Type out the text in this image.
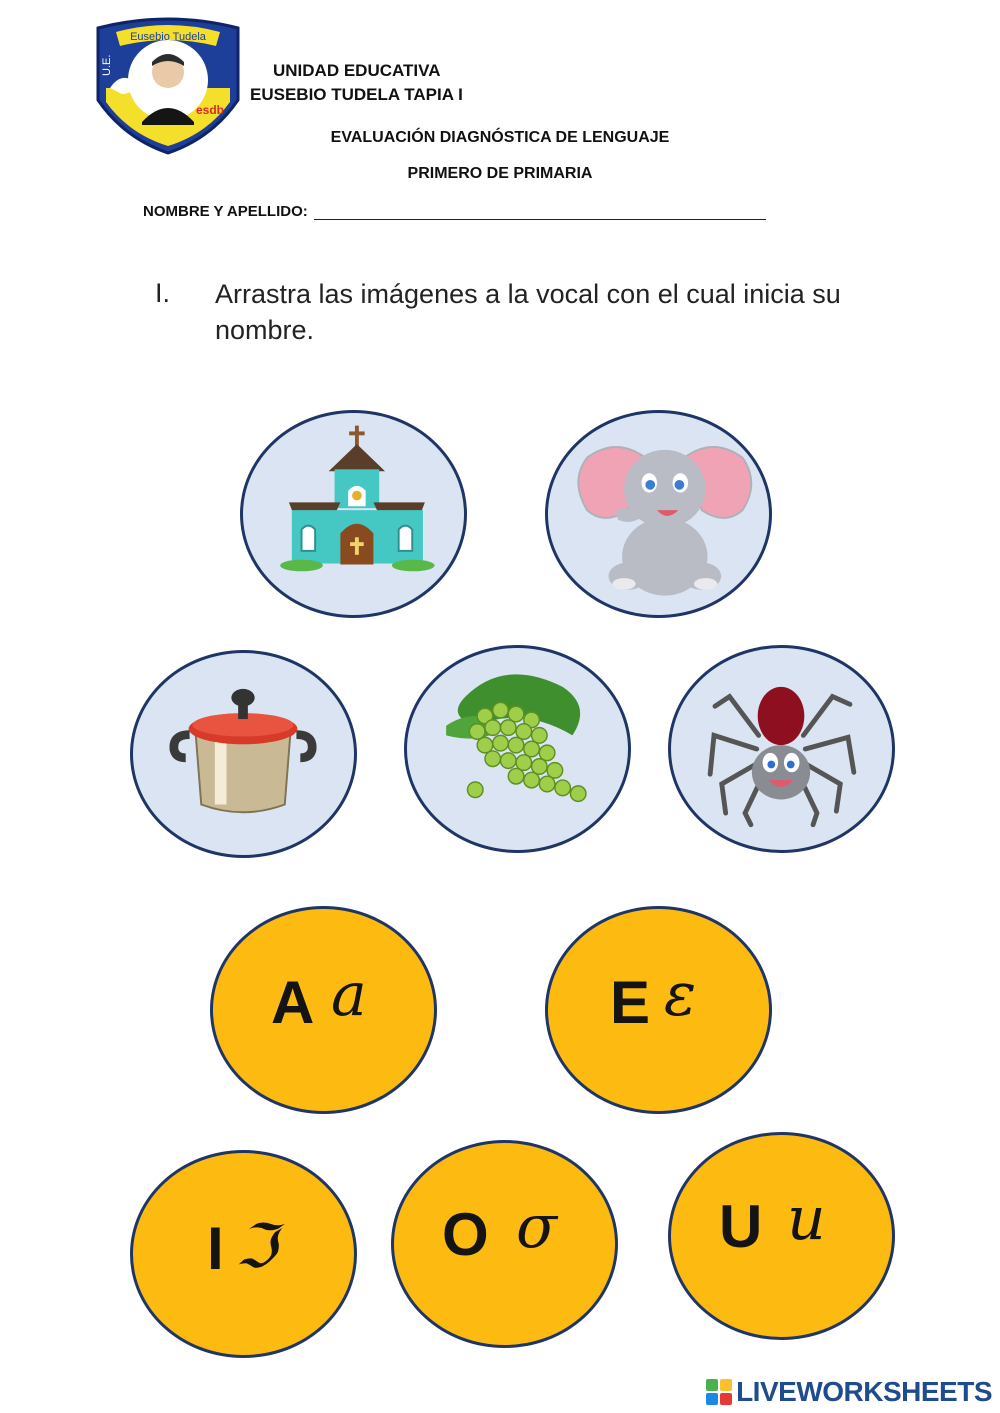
Eusebio Tudela
TAPIA "I"
U.E.
esdb
UNIDAD EDUCATIVA
EUSEBIO TUDELA TAPIA I
EVALUACIÓN DIAGNÓSTICA DE LENGUAJE
PRIMERO DE PRIMARIA
NOMBRE Y APELLIDO:
I. Arrastra las imágenes a la vocal con el cual inicia su nombre.
A a	E ε
I ℑ	O σ	U u
LIVEWORKSHEETS
